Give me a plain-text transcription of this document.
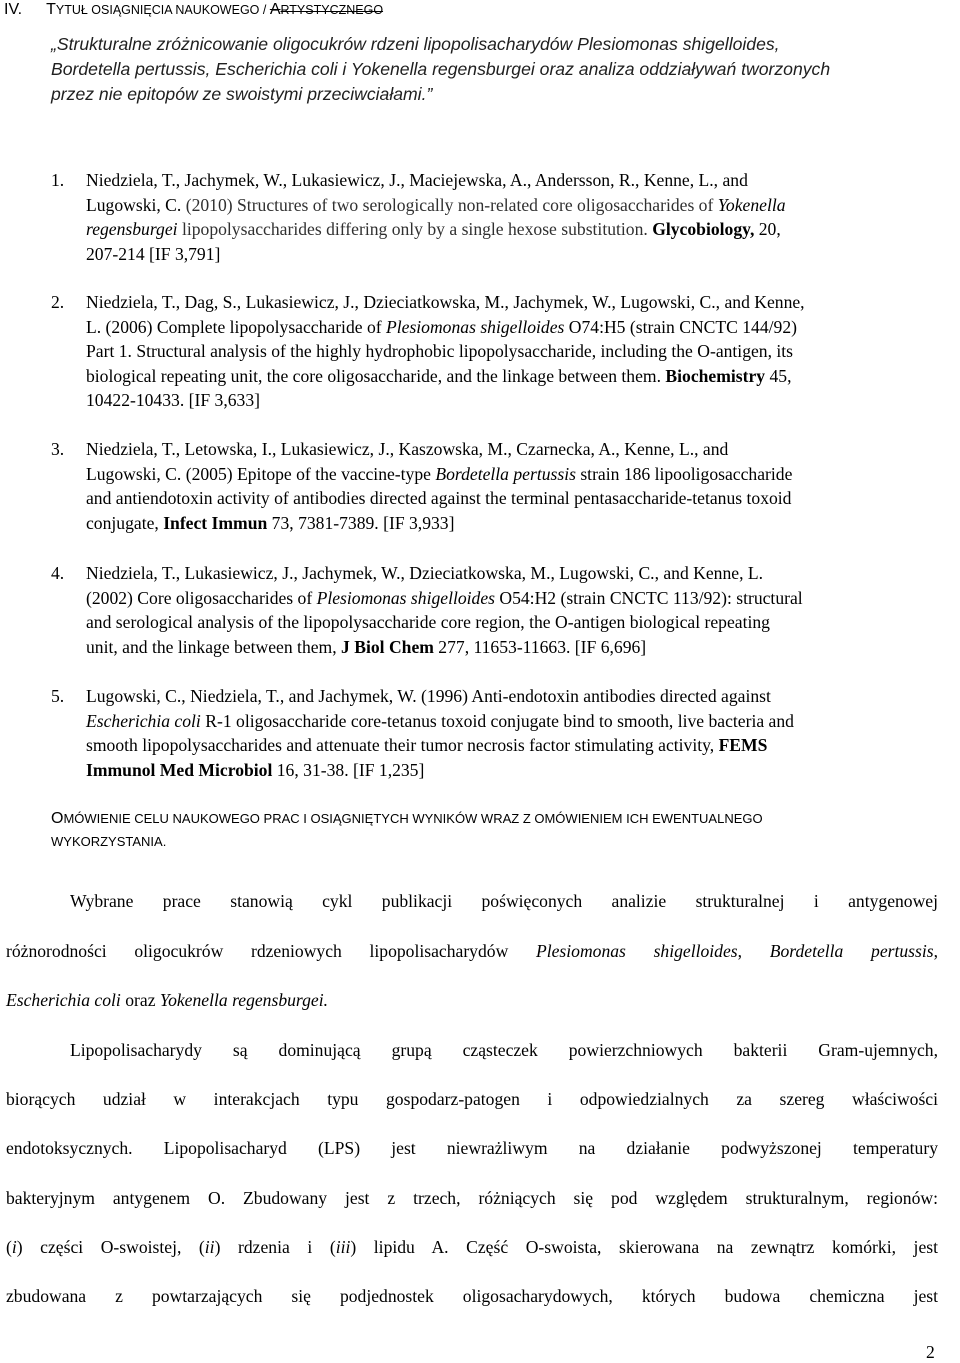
IV. TYTUŁ OSIĄGNIĘCIA NAUKOWEGO / ARTYSTYCZNEGO
„Strukturalne zróżnicowanie oligocukrów rdzeni lipopolisacharydów Plesiomonas shigelloides,
Bordetella pertussis, Escherichia coli i Yokenella regensburgei oraz analiza oddziaływań tworzonych
przez nie epitopów ze swoistymi przeciwciałami.”
1.	Niedziela, T., Jachymek, W., Lukasiewicz, J., Maciejewska, A., Andersson, R., Kenne, L., and
Lugowski, C. (2010) Structures of two serologically non-related core oligosaccharides of Yokenella
regensburgei lipopolysaccharides differing only by a single hexose substitution. Glycobiology, 20,
207-214 [IF 3,791]
2.	Niedziela, T., Dag, S., Lukasiewicz, J., Dzieciatkowska, M., Jachymek, W., Lugowski, C., and Kenne,
L. (2006) Complete lipopolysaccharide of Plesiomonas shigelloides O74:H5 (strain CNCTC 144/92)
Part 1. Structural analysis of the highly hydrophobic lipopolysaccharide, including the O-antigen, its
biological repeating unit, the core oligosaccharide, and the linkage between them. Biochemistry 45,
10422-10433. [IF 3,633]
3.	Niedziela, T., Letowska, I., Lukasiewicz, J., Kaszowska, M., Czarnecka, A., Kenne, L., and
Lugowski, C. (2005) Epitope of the vaccine-type Bordetella pertussis strain 186 lipooligosaccharide
and antiendotoxin activity of antibodies directed against the terminal pentasaccharide-tetanus toxoid
conjugate, Infect Immun 73, 7381-7389. [IF 3,933]
4.	Niedziela, T., Lukasiewicz, J., Jachymek, W., Dzieciatkowska, M., Lugowski, C., and Kenne, L.
(2002) Core oligosaccharides of Plesiomonas shigelloides O54:H2 (strain CNCTC 113/92): structural
and serological analysis of the lipopolysaccharide core region, the O-antigen biological repeating
unit, and the linkage between them, J Biol Chem 277, 11653-11663. [IF 6,696]
5.	Lugowski, C., Niedziela, T., and Jachymek, W. (1996) Anti-endotoxin antibodies directed against
Escherichia coli R-1 oligosaccharide core-tetanus toxoid conjugate bind to smooth, live bacteria and
smooth lipopolysaccharides and attenuate their tumor necrosis factor stimulating activity, FEMS
Immunol Med Microbiol 16, 31-38. [IF 1,235]
OMÓWIENIE CELU NAUKOWEGO PRAC I OSIĄGNIĘTYCH WYNIKÓW WRAZ Z OMÓWIENIEM ICH EWENTUALNEGO
WYKORZYSTANIA.
Wybrane prace stanowią cykl publikacji poświęconych analizie strukturalnej i antygenowej
różnorodności oligocukrów rdzeniowych lipopolisacharydów Plesiomonas shigelloides, Bordetella pertussis,
Escherichia coli oraz Yokenella regensburgei.
Lipopolisacharydy są dominującą grupą cząsteczek powierzchniowych bakterii Gram-ujemnych,
biorących udział w interakcjach typu gospodarz-patogen i odpowiedzialnych za szereg właściwości
endotoksycznych. Lipopolisacharyd (LPS) jest niewrażliwym na działanie podwyższonej temperatury
bakteryjnym antygenem O. Zbudowany jest z trzech, różniących się pod względem strukturalnym, regionów:
(i) części O-swoistej, (ii) rdzenia i (iii) lipidu A. Część O-swoista, skierowana na zewnątrz komórki, jest
zbudowana z powtarzających się podjednostek oligosacharydowych, których budowa chemiczna jest
2
